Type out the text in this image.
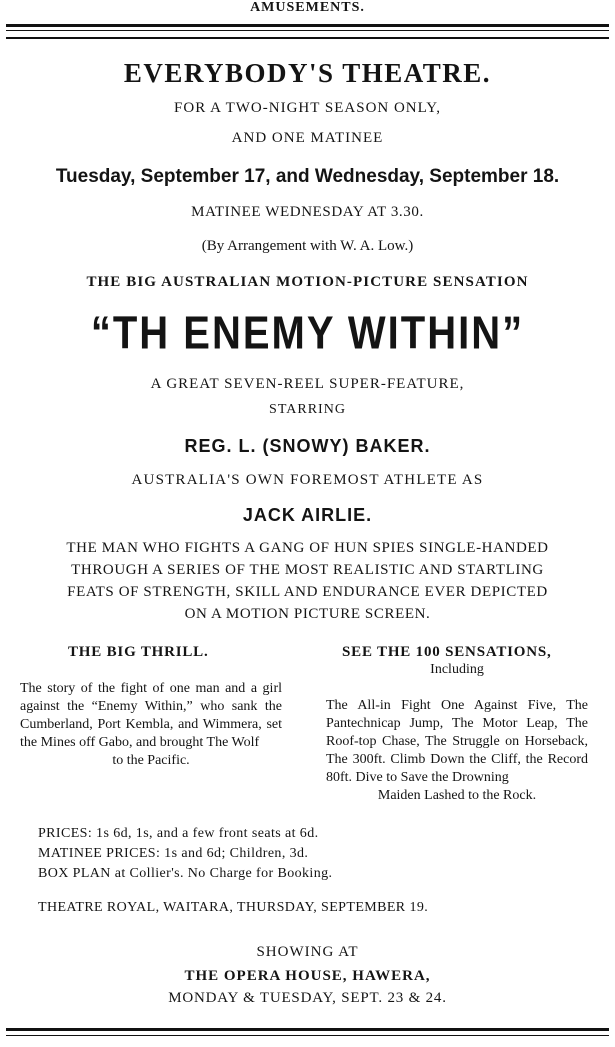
AMUSEMENTS.
EVERYBODY'S THEATRE.
FOR A TWO-NIGHT SEASON ONLY,
AND ONE MATINEE
Tuesday, September 17, and Wednesday, September 18.
MATINEE WEDNESDAY AT 3.30.
(By Arrangement with W. A. Low.)
THE BIG AUSTRALIAN MOTION-PICTURE SENSATION
“TH ENEMY WITHIN”
A GREAT SEVEN-REEL SUPER-FEATURE,
STARRING
REG. L. (SNOWY) BAKER.
AUSTRALIA'S OWN FOREMOST ATHLETE AS
JACK AIRLIE.
THE MAN WHO FIGHTS A GANG OF HUN SPIES SINGLE-HANDED
THROUGH A SERIES OF THE MOST REALISTIC AND STARTLING
FEATS OF STRENGTH, SKILL AND ENDURANCE EVER DEPICTED
ON A MOTION PICTURE SCREEN.
THE BIG THRILL.
The story of the fight of one man and a girl against the “Enemy Within,” who sank the Cumberland, Port Kembla, and Wimmera, set the Mines off Gabo, and brought The Wolf
to the Pacific.
SEE THE 100 SENSATIONS,
Including
The All-in Fight One Against Five, The Pantechnicap Jump, The Motor Leap, The Roof-top Chase, The Struggle on Horseback, The 300ft. Climb Down the Cliff, the Record 80ft. Dive to Save the Drowning
Maiden Lashed to the Rock.
PRICES: 1s 6d, 1s, and a few front seats at 6d.
MATINEE PRICES: 1s and 6d; Children, 3d.
BOX PLAN at Collier's. No Charge for Booking.
THEATRE ROYAL, WAITARA, THURSDAY, SEPTEMBER 19.
SHOWING AT
THE OPERA HOUSE, HAWERA,
MONDAY & TUESDAY, SEPT. 23 & 24.
